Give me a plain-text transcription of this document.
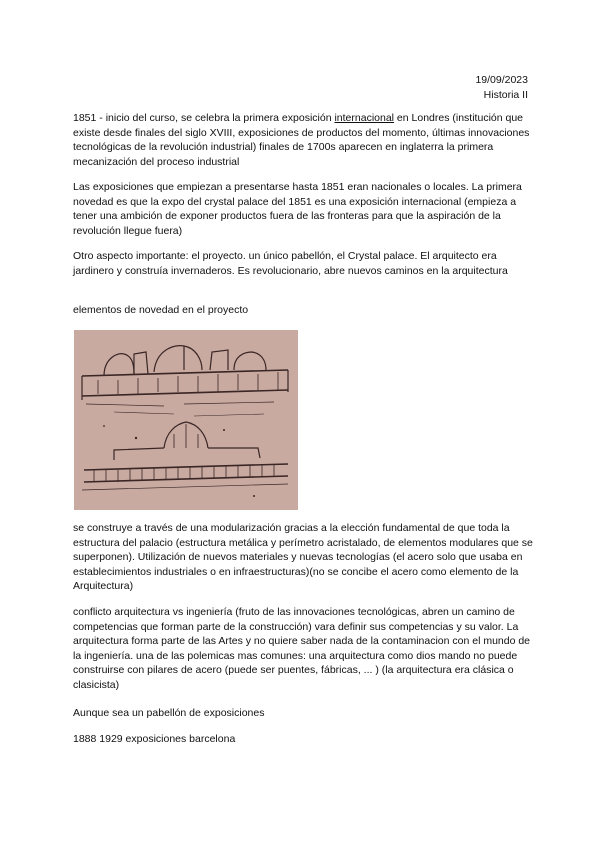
19/09/2023
Historia II

1851 - inicio del curso, se celebra la primera exposición internacional en Londres (institución que existe desde finales del siglo XVIII, exposiciones de productos del momento, últimas innovaciones tecnológicas de la revolución industrial) finales de 1700s aparecen en inglaterra la primera mecanización del proceso industrial

Las exposiciones que empiezan a presentarse hasta 1851 eran nacionales o locales. La primera novedad es que la expo del crystal palace del 1851 es una exposición internacional (empieza a tener una ambición de exponer productos fuera de las fronteras para que la aspiración de la revolución llegue fuera)

Otro aspecto importante: el proyecto. un único pabellón, el Crystal palace. El arquitecto era jardinero y construía invernaderos. Es revolucionario, abre nuevos caminos en la arquitectura

elementos de novedad en el proyecto

se construye a través de una modularización gracias a la elección fundamental de que toda la estructura del palacio (estructura metálica y perímetro acristalado, de elementos modulares que se superponen). Utilización de nuevos materiales y nuevas tecnologías (el acero solo que usaba en establecimientos industriales o en infraestructuras)(no se concibe el acero como elemento de la Arquitectura)

conflicto arquitectura vs ingeniería (fruto de las innovaciones tecnológicas, abren un camino de competencias que forman parte de la construcción) vara definir sus competencias y su valor. La arquitectura forma parte de las Artes y no quiere saber nada de la contaminacion con el mundo de la ingeniería. una de las polemicas mas comunes: una arquitectura como dios mando no puede construirse con pilares de acero (puede ser puentes, fábricas, ... ) (la arquitectura era clásica o clasicista)

Aunque sea un pabellón de exposiciones

1888 1929 exposiciones barcelona
